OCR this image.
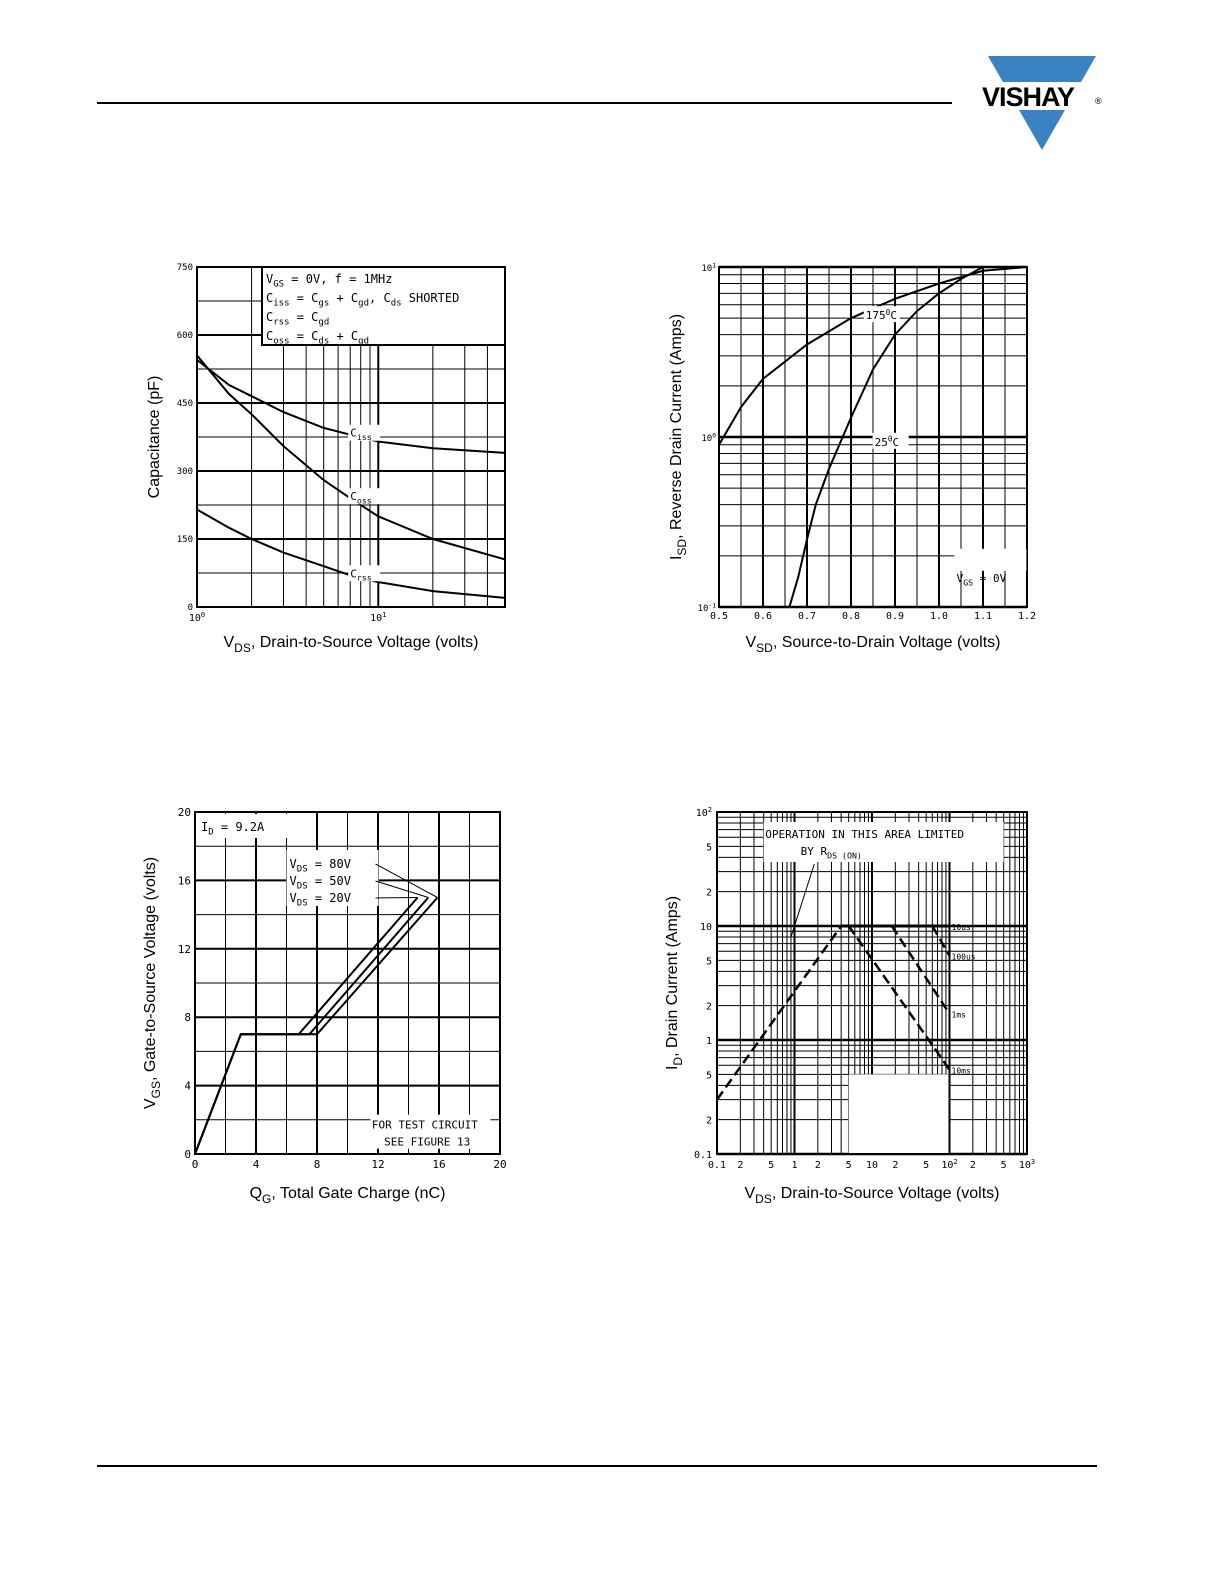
VISHAY ®
0
150
300
450
600
750
$10^0$	$10^1$
$V_{GS} = 0V$, f = 1MHz
$C_{iss} = C_{gs} + C_{gd}$, $C_{ds}$ SHORTED
$C_{rss} = C_{gd}$
$C_{oss} = C_{ds} + C_{gd}$
$C_{iss}$
$C_{oss}$
$C_{rss}$
$V_{DS}$, Drain-to-Source Voltage (volts)
Capacitance (pF)
0.5	0.6	0.7	0.8	0.9	1.0	1.1	1.2
$10^{-1}$
$10^0$
$10^1$
$175^0C$
$25^0C$
$V_{GS} = 0V$
$V_{SD}$, Source-to-Drain Voltage (volts)
$I_{SD}$, Reverse Drain Current (Amps)
0	4	8	12	16	20
0
4
8
12
16
20
$I_D = 9.2A$
$V_{DS} = 80V$
$V_{DS} = 50V$
$V_{DS} = 20V$
FOR TEST CIRCUIT
SEE FIGURE 13
$Q_G$, Total Gate Charge (nC)
$V_{GS}$, Gate-to-Source Voltage (volts)
0.1 2 5 1 2 5 10 2 5 $10^2$ 2 5 $10^3$
0.1
2
5
1
2
5
10
2
5
$10^2$
10us
100us
1ms
10ms
OPERATION IN THIS AREA LIMITED
BY $R_{DS (ON)}$
$V_{DS}$, Drain-to-Source Voltage (volts)
$I_D$, Drain Current (Amps)
